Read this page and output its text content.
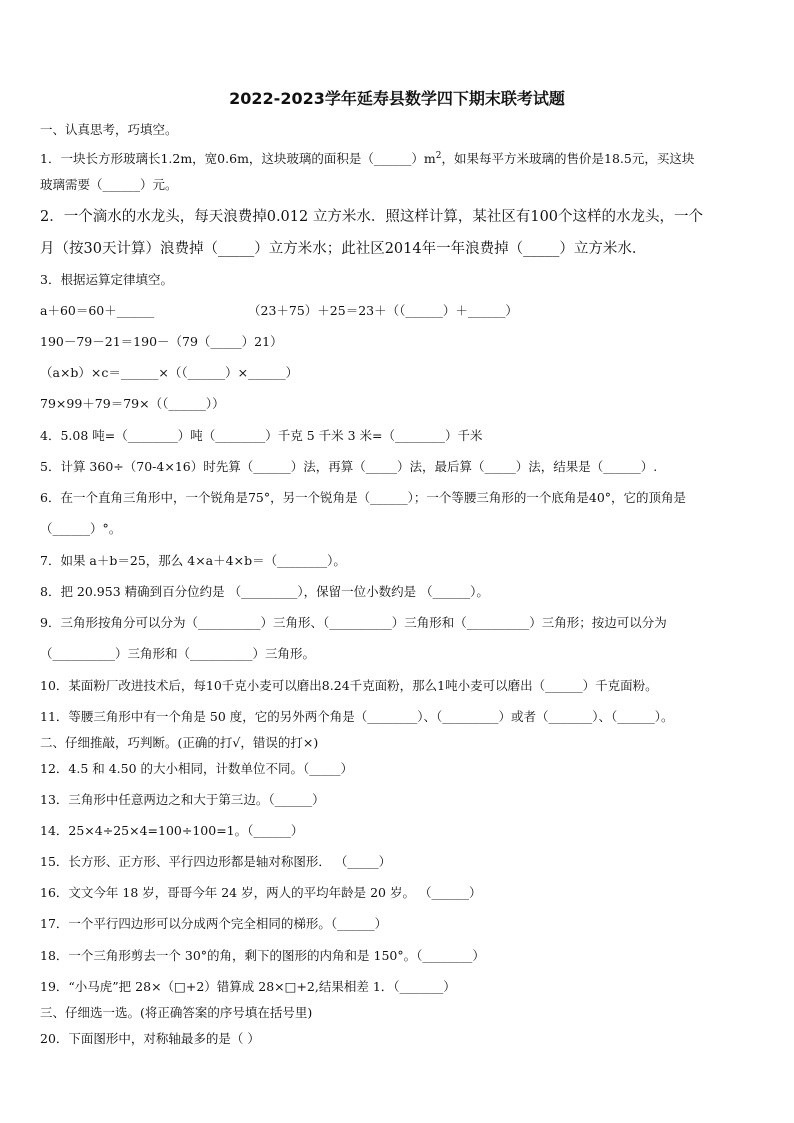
2022-2023学年延寿县数学四下期末联考试题
一、认真思考，巧填空。
1．一块长方形玻璃长1.2m，宽0.6m，这块玻璃的面积是$(\_\_\_\_\_\_)m^2$，如果每平方米玻璃的售价是18.5元，买这块
玻璃需要（______）元。
2．一个滴水的水龙头，每天浪费掉0.012 立方米水．照这样计算，某社区有100个这样的水龙头，一个
月（按30天计算）浪费掉（_____）立方米水；此社区2014年一年浪费掉（_____）立方米水．
3．根据运算定律填空。
a＋60＝60＋______	（23＋75）＋25＝23＋（（______）＋______）
190－79－21＝190－（79（_____）21）
（a×b）×c＝______×（（______）×______）
79×99＋79＝79×（（______））
4．5.08 吨=（________）吨（________）千克 5 千米 3 米=（________）千米
5．计算 360÷（70-4×16）时先算（______）法，再算（_____）法，最后算（_____）法，结果是（______）.
6．在一个直角三角形中，一个锐角是75°，另一个锐角是（______）；一个等腰三角形的一个底角是40°，它的顶角是
（______）°。
7．如果 a＋b＝25，那么 4×a＋4×b＝（________）。
8．把 20.953 精确到百分位约是 （_________），保留一位小数约是 （______）。
9．三角形按角分可以分为（__________）三角形、（__________）三角形和（__________）三角形；按边可以分为
（__________）三角形和（__________）三角形。
10．某面粉厂改进技术后，每10千克小麦可以磨出8.24千克面粉，那么1吨小麦可以磨出（______）千克面粉。
11．等腰三角形中有一个角是 50 度，它的另外两个角是（________）、（_________）或者（_______）、（______）。
二、仔细推敲，巧判断。(正确的打√，错误的打×)
12．4.5 和 4.50 的大小相同，计数单位不同。（_____）
13．三角形中任意两边之和大于第三边。（______）
14．25×4÷25×4=100÷100=1。（______）
15．长方形、正方形、平行四边形都是轴对称图形． （_____）
16．文文今年 18 岁，哥哥今年 24 岁，两人的平均年龄是 20 岁。 （______）
17．一个平行四边形可以分成两个完全相同的梯形。（______）
18．一个三角形剪去一个 30°的角，剩下的图形的内角和是 150°。（________）
19．“小马虎”把 28×（□+2）错算成 28×□+2,结果相差 1．（_______）
三、仔细选一选。(将正确答案的序号填在括号里)
20．下面图形中，对称轴最多的是（ ）
